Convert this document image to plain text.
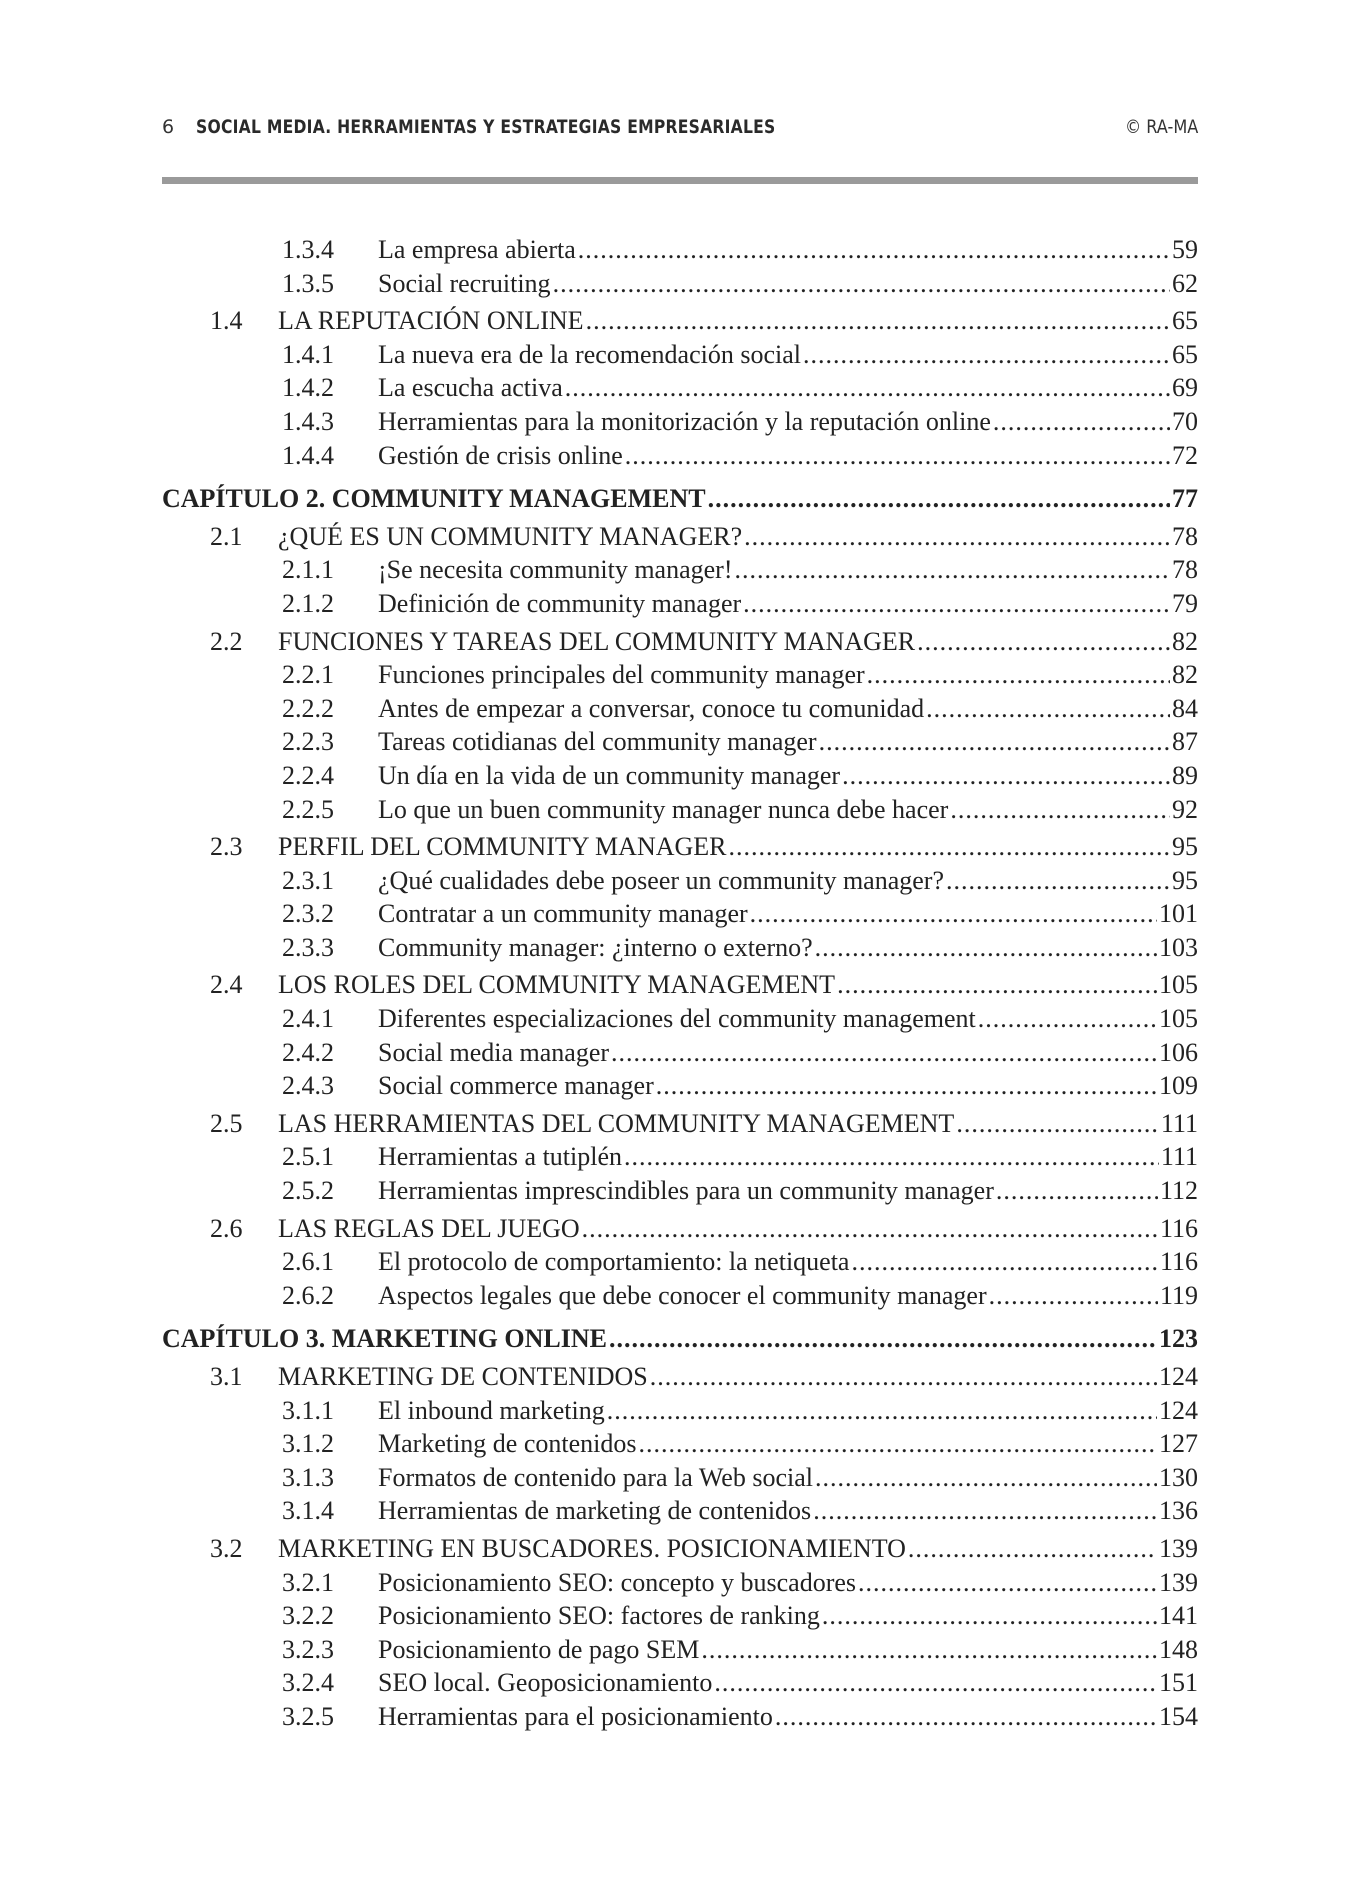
6 SOCIAL MEDIA. HERRAMIENTAS Y ESTRATEGIAS EMPRESARIALES	© RA-MA
1.3.4	La empresa abierta .....	59
1.3.5	Social recruiting .....	62
1.4 LA REPUTACIÓN ONLINE .....	65
1.4.1	La nueva era de la recomendación social .....	65
1.4.2	La escucha activa .....	69
1.4.3	Herramientas para la monitorización y la reputación online .....	70
1.4.4	Gestión de crisis online .....	72
CAPÍTULO 2. COMMUNITY MANAGEMENT .....	77
2.1 ¿QUÉ ES UN COMMUNITY MANAGER? .....	78
2.1.1	¡Se necesita community manager! .....	78
2.1.2	Definición de community manager .....	79
2.2 FUNCIONES Y TAREAS DEL COMMUNITY MANAGER .....	82
2.2.1	Funciones principales del community manager .....	82
2.2.2	Antes de empezar a conversar, conoce tu comunidad .....	84
2.2.3	Tareas cotidianas del community manager .....	87
2.2.4	Un día en la vida de un community manager .....	89
2.2.5	Lo que un buen community manager nunca debe hacer .....	92
2.3 PERFIL DEL COMMUNITY MANAGER .....	95
2.3.1	¿Qué cualidades debe poseer un community manager? .....	95
2.3.2	Contratar a un community manager .....	101
2.3.3	Community manager: ¿interno o externo? .....	103
2.4 LOS ROLES DEL COMMUNITY MANAGEMENT .....	105
2.4.1	Diferentes especializaciones del community management .....	105
2.4.2	Social media manager .....	106
2.4.3	Social commerce manager .....	109
2.5 LAS HERRAMIENTAS DEL COMMUNITY MANAGEMENT .....	111
2.5.1	Herramientas a tutiplén .....	111
2.5.2	Herramientas imprescindibles para un community manager .....	112
2.6 LAS REGLAS DEL JUEGO .....	116
2.6.1	El protocolo de comportamiento: la netiqueta .....	116
2.6.2	Aspectos legales que debe conocer el community manager .....	119
CAPÍTULO 3. MARKETING ONLINE .....	123
3.1 MARKETING DE CONTENIDOS .....	124
3.1.1	El inbound marketing .....	124
3.1.2	Marketing de contenidos .....	127
3.1.3	Formatos de contenido para la Web social .....	130
3.1.4	Herramientas de marketing de contenidos .....	136
3.2 MARKETING EN BUSCADORES. POSICIONAMIENTO .....	139
3.2.1	Posicionamiento SEO: concepto y buscadores .....	139
3.2.2	Posicionamiento SEO: factores de ranking .....	141
3.2.3	Posicionamiento de pago SEM .....	148
3.2.4	SEO local. Geoposicionamiento .....	151
3.2.5	Herramientas para el posicionamiento .....	154
